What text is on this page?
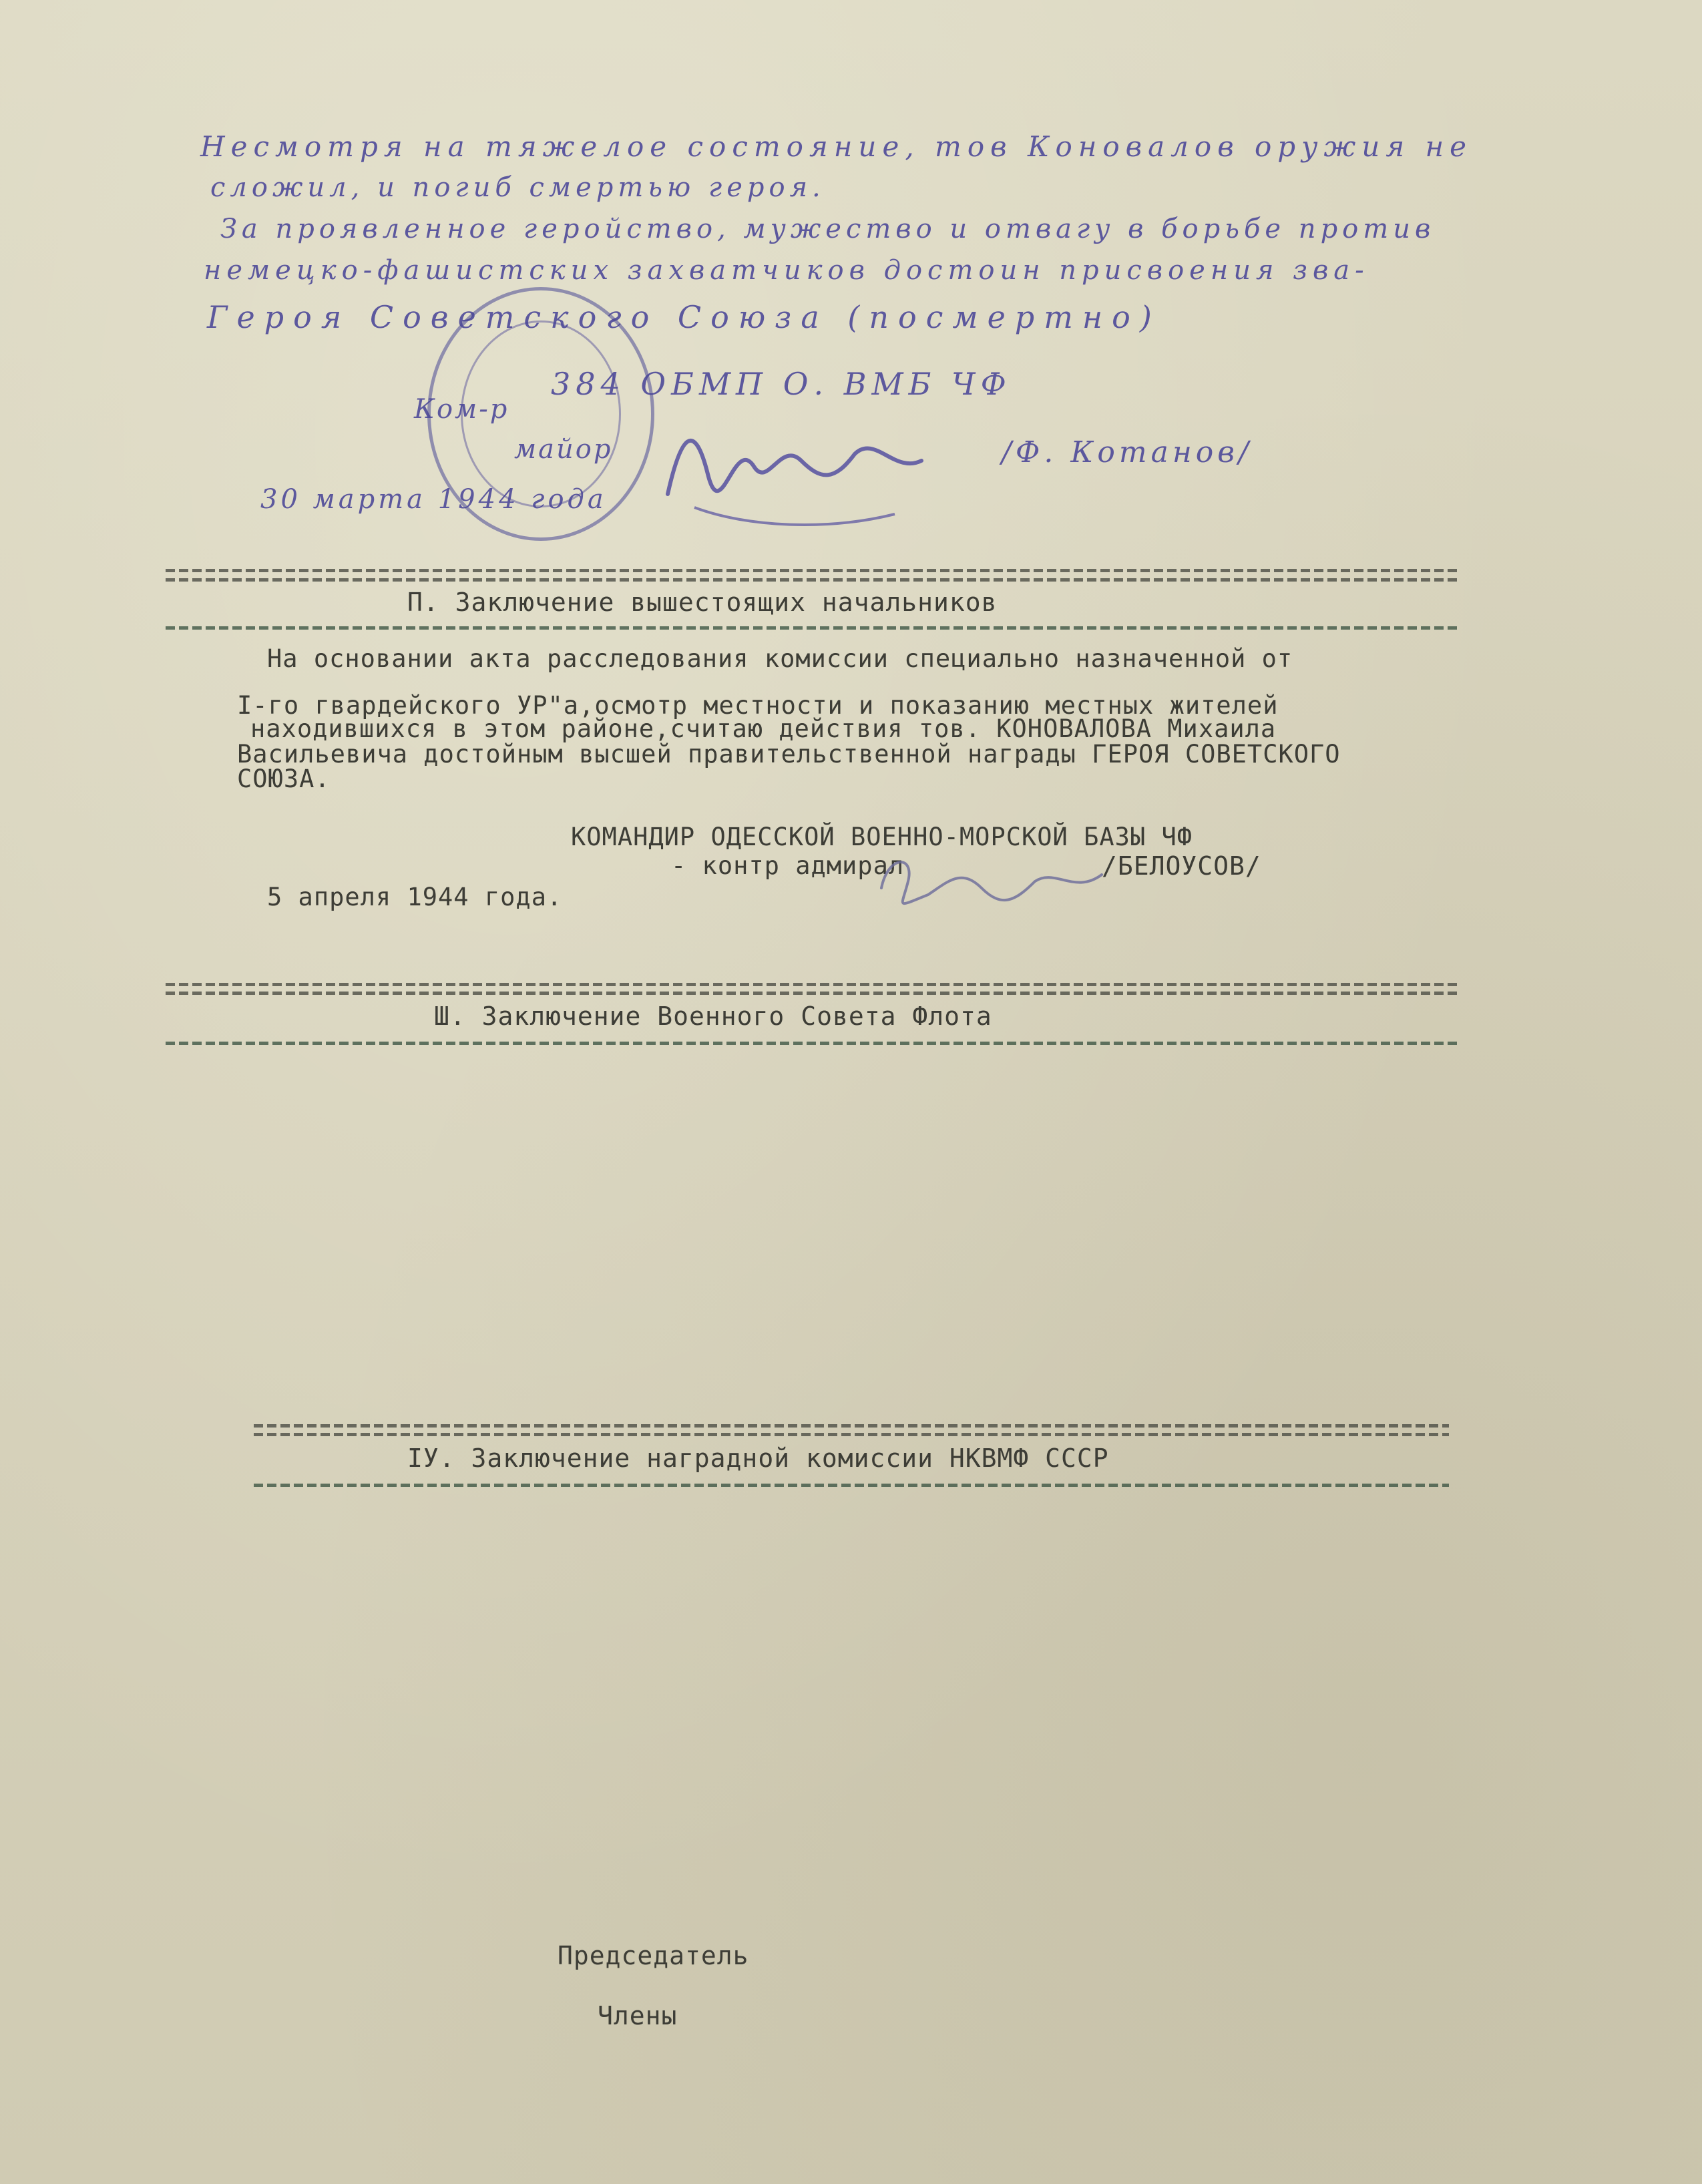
Несмотря на тяжелое состояние, тов Коновалов оружия не
сложил, и погиб смертью героя.
За проявленное геройство, мужество и отвагу в борьбе против
немецко-фашистских захватчиков достоин присвоения зва-
Героя Советского Союза (посмертно)
384 ОБМП О. ВМБ ЧФ
Ком-р
майор	/Ф. Котанов/
30 марта 1944 года
П. Заключение вышестоящих начальников
На основании акта расследования комиссии специально назначенной от
I-го гвардейского УР"а,осмотр местности и показанию местных жителей
находившихся в этом районе,считаю действия тов. КОНОВАЛОВА Михаила
Васильевича достойным высшей правительственной награды ГЕРОЯ СОВЕТСКОГО
СОЮЗА.
КОМАНДИР ОДЕССКОЙ ВОЕННО-МОРСКОЙ БАЗЫ ЧФ
- контр адмирал	/БЕЛОУСОВ/
5 апреля 1944 года.
Ш. Заключение Военного Совета Флота
IУ. Заключение наградной комиссии НКВМФ СССР
Председатель
Члены
